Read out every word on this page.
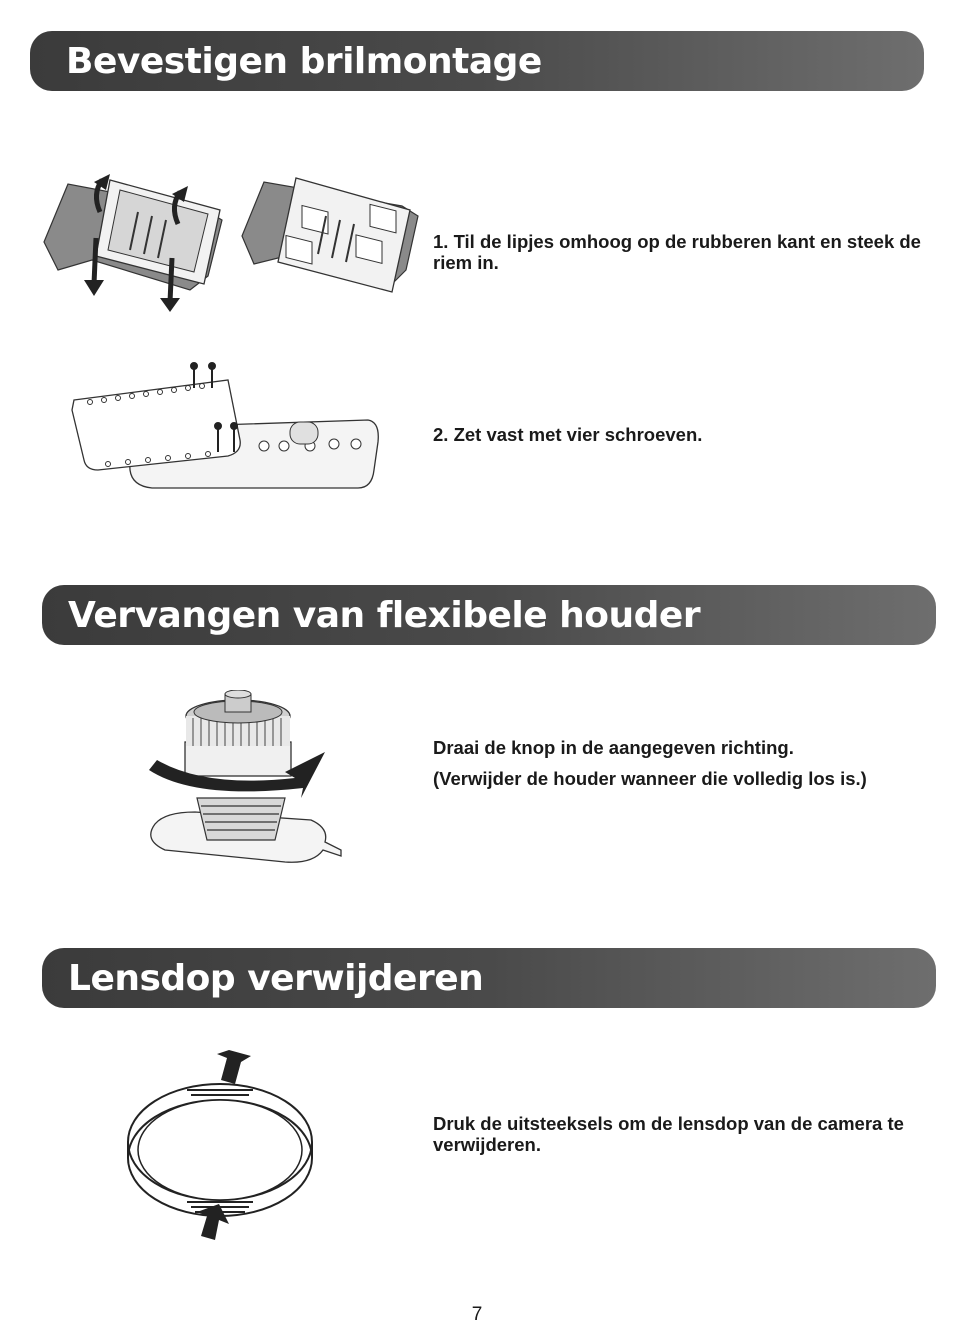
Bevestigen brilmontage
1. Til de lipjes omhoog op de rubberen kant en steek de riem in.
2. Zet vast met vier schroeven.
Vervangen van flexibele houder
Draai de knop in de aangegeven richting.
(Verwijder de houder wanneer die volledig los is.)
Lensdop verwijderen
Druk de uitsteeksels om de lensdop van de camera te verwijderen.
7
